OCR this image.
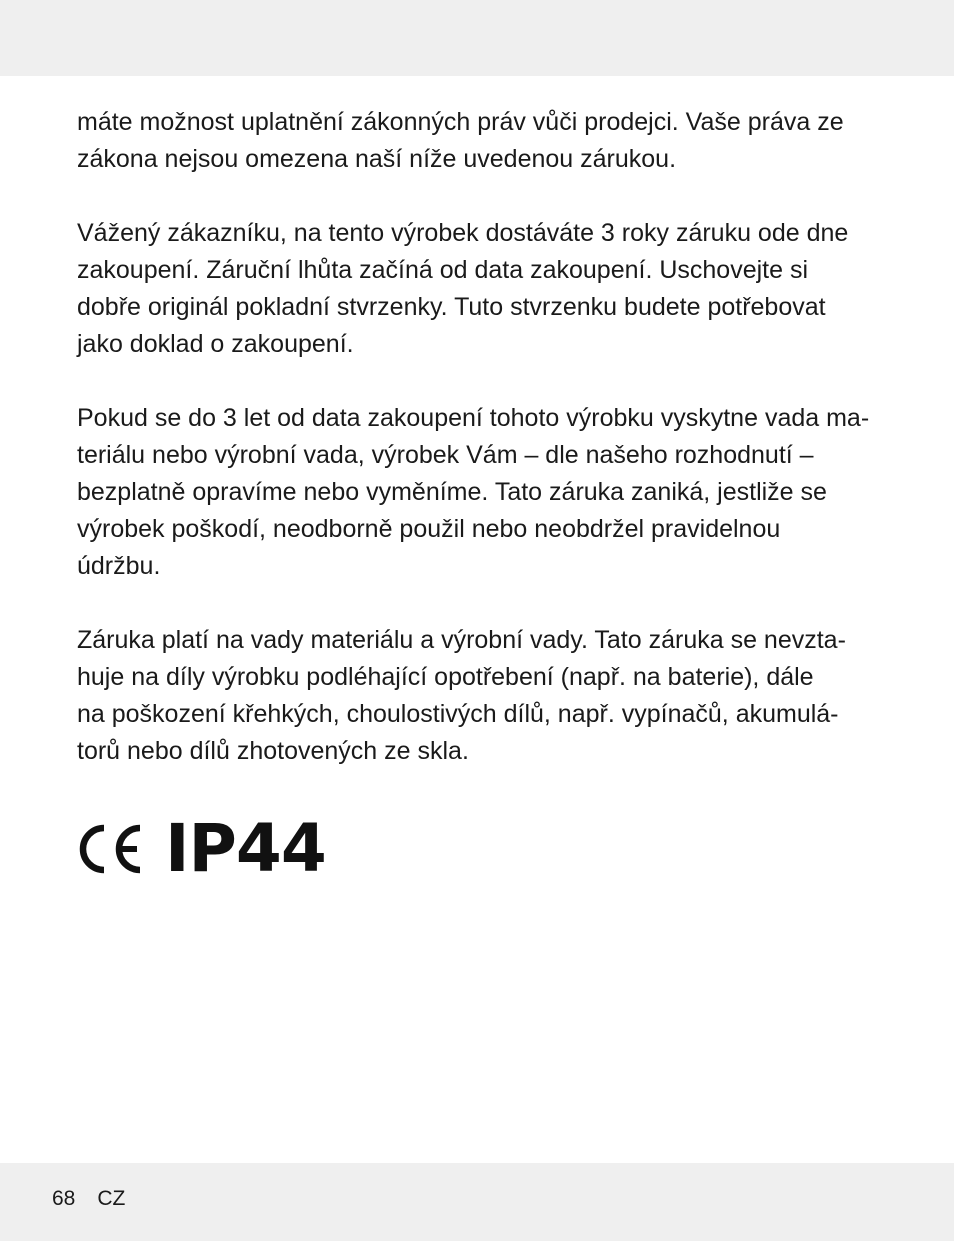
máte možnost uplatnění zákonných práv vůči prodejci. Vaše práva ze
zákona nejsou omezena naší níže uvedenou zárukou.

Vážený zákazníku, na tento výrobek dostáváte 3 roky záruku ode dne
zakoupení. Záruční lhůta začíná od data zakoupení. Uschovejte si
dobře originál pokladní stvrzenky. Tuto stvrzenku budete potřebovat
jako doklad o zakoupení.

Pokud se do 3 let od data zakoupení tohoto výrobku vyskytne vada ma-
teriálu nebo výrobní vada, výrobek Vám – dle našeho rozhodnutí –
bezplatně opravíme nebo vyměníme. Tato záruka zaniká, jestliže se
výrobek poškodí, neodborně použil nebo neobdržel pravidelnou
údržbu.

Záruka platí na vady materiálu a výrobní vady. Tato záruka se nevzta-
huje na díly výrobku podléhající opotřebení (např. na baterie), dále
na poškození křehkých, choulostivých dílů, např. vypínačů, akumulá-
torů nebo dílů zhotovených ze skla.

IP44
68 CZ
